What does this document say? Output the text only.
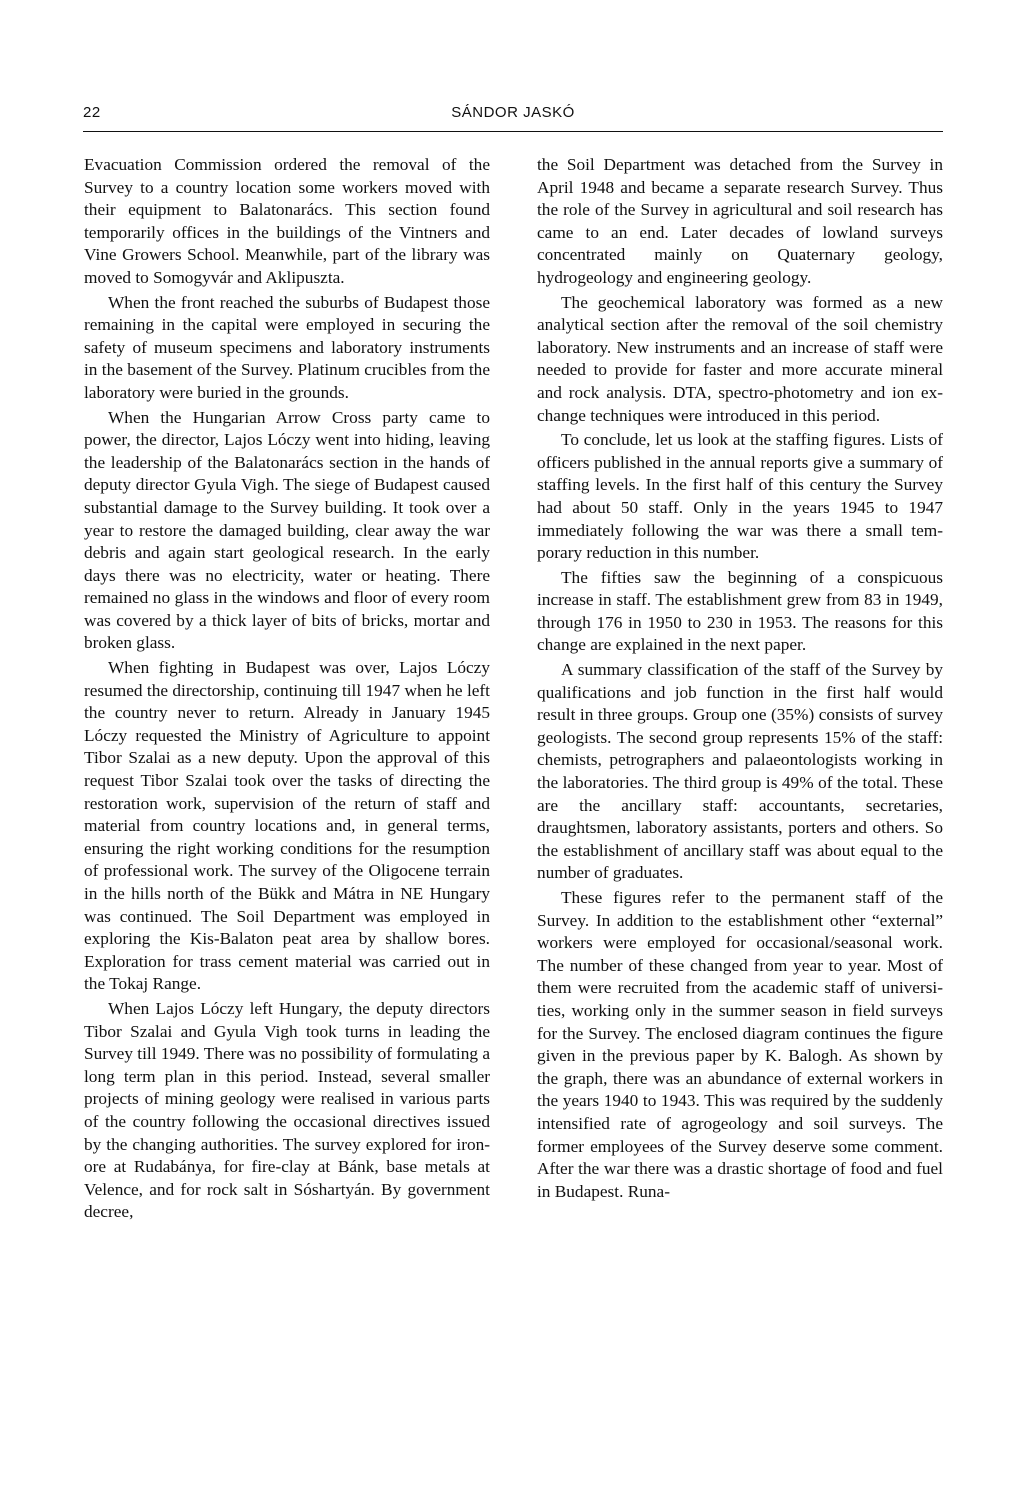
22	SÁNDOR JASKÓ

Evacuation Commission ordered the removal of the Survey to a country location some workers moved with their equipment to Balatonarács. This section found temporarily offices in the buildings of the Vintners and Vine Growers School. Meanwhile, part of the library was moved to Somogyvár and Aklipuszta.

When the front reached the suburbs of Budapest those remaining in the capital were employed in securing the safety of museum specimens and laboratory instruments in the basement of the Survey. Platinum crucibles from the laboratory were buried in the grounds.

When the Hungarian Arrow Cross party came to power, the director, Lajos Lóczy went into hiding, leaving the leadership of the Balatonarács section in the hands of deputy director Gyula Vigh. The siege of Budapest caused substantial damage to the Survey building. It took over a year to restore the damaged building, clear away the war debris and again start geological research. In the early days there was no electricity, water or heating. There remained no glass in the windows and floor of every room was covered by a thick layer of bits of bricks, mortar and broken glass.

When fighting in Budapest was over, Lajos Lóczy resumed the directorship, continuing till 1947 when he left the country never to return. Already in January 1945 Lóczy requested the Ministry of Agriculture to appoint Tibor Szalai as a new deputy. Upon the approval of this request Tibor Szalai took over the tasks of directing the restoration work, supervision of the return of staff and material from country locations and, in general terms, ensuring the right working conditions for the resumption of professional work. The survey of the Oligocene terrain in the hills north of the Bükk and Mátra in NE Hungary was continued. The Soil Department was employed in exploring the Kis-Balaton peat area by shallow bores. Exploration for trass cement material was carried out in the Tokaj Range.

When Lajos Lóczy left Hungary, the deputy directors Tibor Szalai and Gyula Vigh took turns in leading the Survey till 1949. There was no possibility of formulating a long term plan in this period. Instead, several smaller projects of mining geology were realised in various parts of the country following the occasional directives issued by the changing authorities. The survey explored for iron-ore at Rudabánya, for fire-clay at Bánk, base metals at Velence, and for rock salt in Sóshartyán. By government decree,

the Soil Department was detached from the Survey in April 1948 and became a separate research Survey. Thus the role of the Survey in agricultural and soil research has came to an end. Later decades of lowland surveys concentrated mainly on Quaternary geology, hydrogeology and engineering geology.

The geochemical laboratory was formed as a new analytical section after the removal of the soil chemistry laboratory. New instruments and an increase of staff were needed to provide for faster and more accurate mineral and rock analysis. DTA, spectro-photometry and ion exchange techniques were introduced in this period.

To conclude, let us look at the staffing figures. Lists of officers published in the annual reports give a summary of staffing levels. In the first half of this century the Survey had about 50 staff. Only in the years 1945 to 1947 immediately following the war was there a small temporary reduction in this number.

The fifties saw the beginning of a conspicuous increase in staff. The establishment grew from 83 in 1949, through 176 in 1950 to 230 in 1953. The reasons for this change are explained in the next paper.

A summary classification of the staff of the Survey by qualifications and job function in the first half would result in three groups. Group one (35%) consists of survey geologists. The second group represents 15% of the staff: chemists, petrographers and palaeontologists working in the laboratories. The third group is 49% of the total. These are the ancillary staff: accountants, secretaries, draughtsmen, laboratory assistants, porters and others. So the establishment of ancillary staff was about equal to the number of graduates.

These figures refer to the permanent staff of the Survey. In addition to the establishment other “external” workers were employed for occasional/seasonal work. The number of these changed from year to year. Most of them were recruited from the academic staff of universities, working only in the summer season in field surveys for the Survey. The enclosed diagram continues the figure given in the previous paper by K. Balogh. As shown by the graph, there was an abundance of external workers in the years 1940 to 1943. This was required by the suddenly intensified rate of agrogeology and soil surveys. The former employees of the Survey deserve some comment. After the war there was a drastic shortage of food and fuel in Budapest. Runa-
